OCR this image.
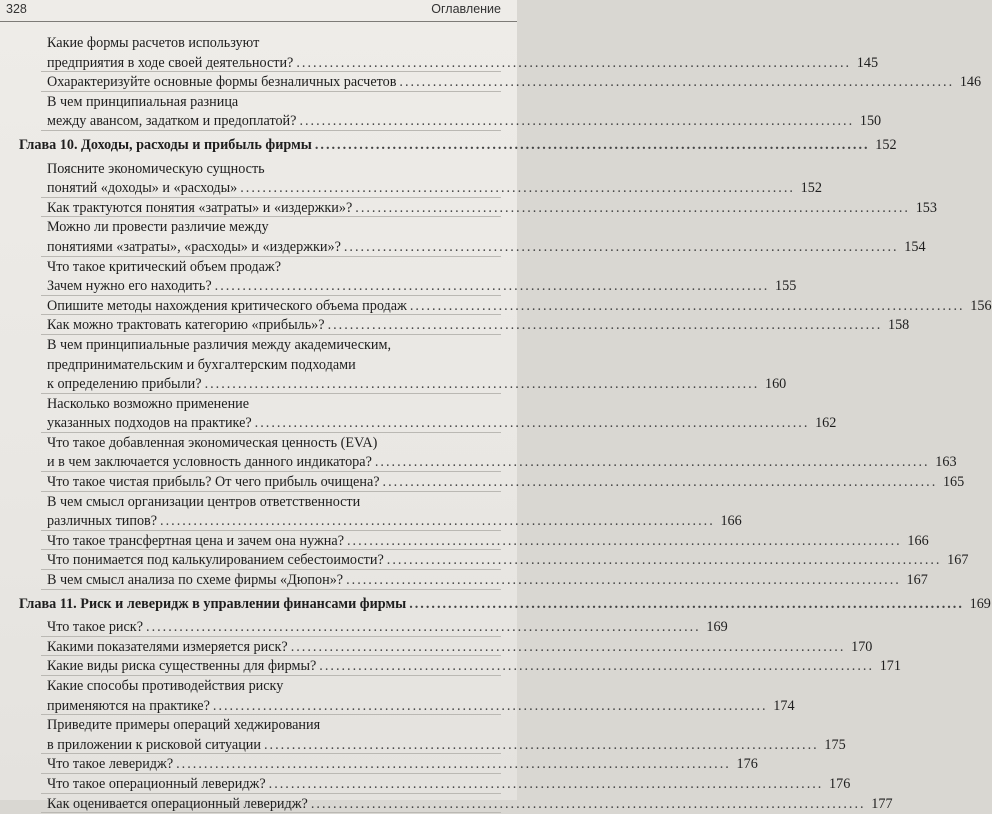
328	Оглавление
Какие формы расчетов используют
предприятия в ходе своей деятельности? .....	145
Охарактеризуйте основные формы безналичных расчетов .....	146
В чем принципиальная разница
между авансом, задатком и предоплатой? .....	150
Глава 10. Доходы, расходы и прибыль фирмы .....	152
Поясните экономическую сущность
понятий «доходы» и «расходы» .....	152
Как трактуются понятия «затраты» и «издержки»? .....	153
Можно ли провести различие между
понятиями «затраты», «расходы» и «издержки»? .....	154
Что такое критический объем продаж?
Зачем нужно его находить? .....	155
Опишите методы нахождения критического объема продаж .....	156
Как можно трактовать категорию «прибыль»? .....	158
В чем принципиальные различия между академическим,
предпринимательским и бухгалтерским подходами
к определению прибыли? .....	160
Насколько возможно применение
указанных подходов на практике? .....	162
Что такое добавленная экономическая ценность (EVA)
и в чем заключается условность данного индикатора? .....	163
Что такое чистая прибыль? От чего прибыль очищена? .....	165
В чем смысл организации центров ответственности
различных типов? .....	166
Что такое трансфертная цена и зачем она нужна? .....	166
Что понимается под калькулированием себестоимости? .....	167
В чем смысл анализа по схеме фирмы «Дюпон»? .....	167
Глава 11. Риск и леверидж в управлении финансами фирмы .....	169
Что такое риск? .....	169
Какими показателями измеряется риск? .....	170
Какие виды риска существенны для фирмы? .....	171
Какие способы противодействия риску
применяются на практике? .....	174
Приведите примеры операций хеджирования
в приложении к рисковой ситуации .....	175
Что такое леверидж? .....	176
Что такое операционный леверидж? .....	176
Как оценивается операционный леверидж? .....	177
